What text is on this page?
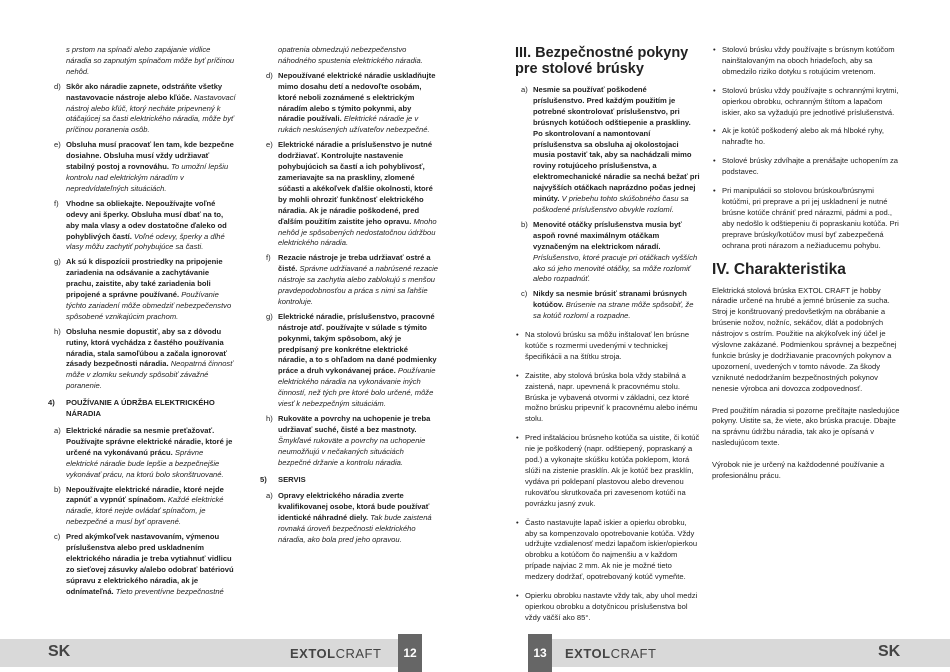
s prstom na spínači alebo zapájanie vidlice náradia so zapnutým spínačom môže byť príčinou nehôd.
d) Skôr ako náradie zapnete, odstráňte všetky nastavovacie nástroje alebo kľúče. Nastavovací nástroj alebo kľúč, ktorý necháte pripevnený k otáčajúcej sa časti elektrického náradia, môže byť príčinou poranenia osôb.
e) Obsluha musí pracovať len tam, kde bezpečne dosiahne. Obsluha musí vždy udržiavať stabilný postoj a rovnováhu. To umožní lepšiu kontrolu nad elektrickým náradím v nepredvídateľných situáciách.
f) Vhodne sa obliekajte. Nepoužívajte voľné odevy ani šperky. Obsluha musí dbať na to, aby mala vlasy a odev dostatočne ďaleko od pohyblivých častí. Voľné odevy, šperky a dlhé vlasy môžu zachytiť pohybujúce sa časti.
g) Ak sú k dispozícii prostriedky na pripojenie zariadenia na odsávanie a zachytávanie prachu, zaistite, aby také zariadenia boli pripojené a správne používané. Používanie týchto zariadení môže obmedziť nebezpečenstvo spôsobené vznikajúcim prachom.
h) Obsluha nesmie dopustiť, aby sa z dôvodu rutiny, ktorá vychádza z častého používania náradia, stala samoľúbou a začala ignorovať zásady bezpečnosti náradia. Neopatrná činnosť môže v zlomku sekundy spôsobiť závažné poranenie.
4) POUŽÍVANIE A ÚDRŽBA ELEKTRICKÉHO NÁRADIA
a) Elektrické náradie sa nesmie preťažovať. Používajte správne elektrické náradie, ktoré je určené na vykonávanú prácu. Správne elektrické náradie bude lepšie a bezpečnejšie vykonávať prácu, na ktorú bolo skonštruované.
b) Nepoužívajte elektrické náradie, ktoré nejde zapnúť a vypnúť spínačom. Každé elektrické náradie, ktoré nejde ovládať spínačom, je nebezpečné a musí byť opravené.
c) Pred akýmkoľvek nastavovaním, výmenou príslušenstva alebo pred uskladnením elektrického náradia je treba vytiahnuť vidlicu zo sieťovej zásuvky a/alebo odobrať batériovú súpravu z elektrického náradia, ak je odnímateľná. Tieto preventívne bezpečnostné
opatrenia obmedzujú nebezpečenstvo náhodného spustenia elektrického náradia.
d) Nepoužívané elektrické náradie uskladňujte mimo dosahu detí a nedovoľte osobám, ktoré neboli zoznámené s elektrickým náradím alebo s týmito pokynmi, aby náradie používali. Elektrické náradie je v rukách neskúsených užívateľov nebezpečné.
e) Elektrické náradie a príslušenstvo je nutné dodržiavať. Kontrolujte nastavenie pohybujúcich sa častí a ich pohyblivosť, zameriavajte sa na praskliny, zlomené súčasti a akékoľvek ďalšie okolnosti, ktoré by mohli ohroziť funkčnosť elektrického náradia. Ak je náradie poškodené, pred ďalším použitím zaistite jeho opravu. Mnoho nehôd je spôsobených nedostatočnou údržbou elektrického náradia.
f) Rezacie nástroje je treba udržiavať ostré a čisté. Správne udržiavané a nabrúsené rezacie nástroje sa zachytia alebo zablokujú s menšou pravdepodobnosťou a práca s nimi sa ľahšie kontroluje.
g) Elektrické náradie, príslušenstvo, pracovné nástroje atď. používajte v súlade s týmito pokynmi, takým spôsobom, aký je predpísaný pre konkrétne elektrické náradie, a to s ohľadom na dané podmienky práce a druh vykonávanej práce. Používanie elektrického náradia na vykonávanie iných činností, než tých pre ktoré bolo určené, môže viesť k nebezpečným situáciám.
h) Rukoväte a povrchy na uchopenie je treba udržiavať suché, čisté a bez mastnoty. Šmykľavé rukoväte a povrchy na uchopenie neumožňujú v nečakaných situáciách bezpečné držanie a kontrolu náradia.
5) SERVIS
a) Opravy elektrického náradia zverte kvalifikovanej osobe, ktorá bude používať identické náhradné diely. Tak bude zaistená rovnaká úroveň bezpečnosti elektrického náradia, ako bola pred jeho opravou.
III. Bezpečnostné pokyny pre stolové brúsky
a) Nesmie sa používať poškodené príslušenstvo. Pred každým použitím je potrebné skontrolovať príslušenstvo, pri brúsnych kotúčoch odštiepenie a praskliny. Po skontrolovaní a namontovaní príslušenstva sa obsluha aj okolostojaci musia postaviť tak, aby sa nachádzali mimo roviny rotujúceho príslušenstva, a elektromechanické náradie sa nechá bežať pri najvyšších otáčkach naprázdno počas jednej minúty. V priebehu tohto skúšobného času sa poškodené príslušenstvo obvykle rozlomí.
b) Menovité otáčky príslušenstva musia byť aspoň rovné maximálnym otáčkam vyznačeným na elektrickom náradí. Príslušenstvo, ktoré pracuje pri otáčkach vyšších ako sú jeho menovité otáčky, sa môže rozlomiť alebo rozpadnúť.
c) Nikdy sa nesmie brúsiť stranami brúsnych kotúčov. Brúsenie na strane môže spôsobiť, že sa kotúč rozlomí a rozpadne.
• Na stolovú brúsku sa môžu inštalovať len brúsne kotúče s rozmermi uvedenými v technickej špecifikácii a na štítku stroja.
• Zaistite, aby stolová brúska bola vždy stabilná a zaistená, napr. upevnená k pracovnému stolu. Brúska je vybavená otvormi v základni, cez ktoré možno brúsku pripevniť k pracovnému alebo inému stolu.
• Pred inštaláciou brúsneho kotúča sa uistite, či kotúč nie je poškodený (napr. odštiepený, popraskaný a pod.) a vykonajte skúšku kotúča poklepom, ktorá slúži na zistenie prasklín. Ak je kotúč bez prasklín, vydáva pri poklepaní plastovou alebo drevenou rukoväťou skrutkovača pri zavesenom kotúči na povrázku jasný zvuk.
• Často nastavujte lapač iskier a opierku obrobku, aby sa kompenzovalo opotrebovanie kotúča. Vždy udržujte vzdialenosť medzi lapačom iskier/opierkou obrobku a kotúčom čo najmenšiu a v každom prípade najviac 2 mm. Ak nie je možné tieto medzery dodržať, opotrebovaný kotúč vymeňte.
• Opierku obrobku nastavte vždy tak, aby uhol medzi opierkou obrobku a dotyčnicou príslušenstva bol vždy väčší ako 85°.
• Stolovú brúsku vždy používajte s brúsnym kotúčom nainštalovaným na oboch hriadeľoch, aby sa obmedzilo riziko dotyku s rotujúcim vretenom.
• Stolovú brúsku vždy používajte s ochrannými krytmi, opierkou obrobku, ochranným štítom a lapačom iskier, ako sa vyžadujú pre jednotlivé príslušenstvá.
• Ak je kotúč poškodený alebo ak má hlboké ryhy, nahraďte ho.
• Stolové brúsky zdvíhajte a prenášajte uchopením za podstavec.
• Pri manipulácii so stolovou brúskou/brúsnymi kotúčmi, pri preprave a pri jej uskladnení je nutné brúsne kotúče chrániť pred nárazmi, pádmi a pod., aby nedošlo k odštiepeniu či popraskaniu kotúča. Pri preprave brúsky/kotúčov musí byť zabezpečená ochrana proti nárazom a nežiaducemu pohybu.
IV. Charakteristika
Elektrická stolová brúska EXTOL CRAFT je hobby náradie určené na hrubé a jemné brúsenie za sucha. Stroj je konštruovaný predovšetkým na obrábanie a brúsenie nožov, nožníc, sekáčov, dlát a podobných nástrojov s ostrím. Použitie na akýkoľvek iný účel je výslovne zakázané. Podmienkou správnej a bezpečnej funkcie brúsky je dodržiavanie pracovných pokynov a upozornení, uvedených v tomto návode. Za škody vzniknuté nedodržaním bezpečnostných pokynov nenesie výrobca ani dovozca zodpovednosť.
Pred použitím náradia si pozorne prečítajte nasledujúce pokyny. Uistite sa, že viete, ako brúska pracuje. Dbajte na správnu údržbu náradia, tak ako je opísaná v nasledujúcom texte.
Výrobok nie je určený na každodenné používanie a profesionálnu prácu.
SK	EXTOLCRAFT	12	13	EXTOLCRAFT	SK
